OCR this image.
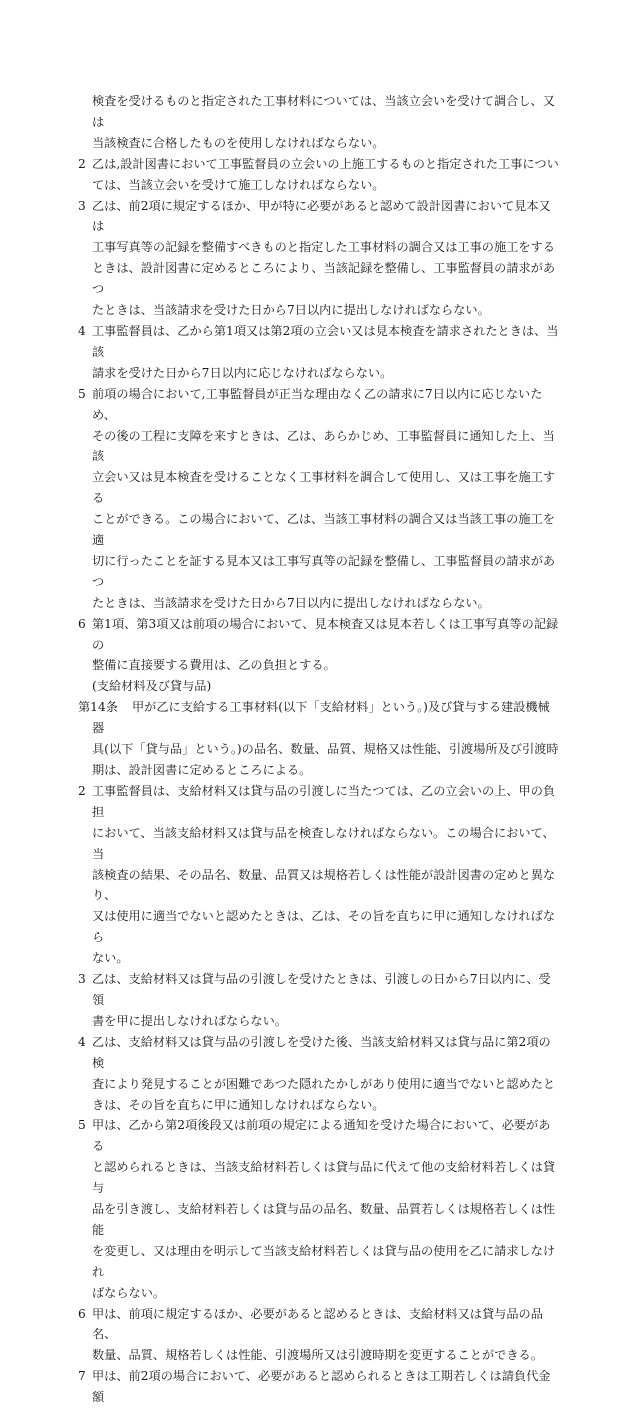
検査を受けるものと指定された工事材料については、当該立会いを受けて調合し、又は
当該検査に合格したものを使用しなければならない。
2 乙は,設計図書において工事監督員の立会いの上施工するものと指定された工事につい
ては、当該立会いを受けて施工しなければならない。
3 乙は、前2項に規定するほか、甲が特に必要があると認めて設計図書において見本又は
工事写真等の記録を整備すべきものと指定した工事材料の調合又は工事の施工をする
ときは、設計図書に定めるところにより、当該記録を整備し、工事監督員の請求があつ
たときは、当該請求を受けた日から7日以内に提出しなければならない。
4 工事監督員は、乙から第1項又は第2項の立会い又は見本検査を請求されたときは、当該
請求を受けた日から7日以内に応じなければならない。
5 前項の場合において,工事監督員が正当な理由なく乙の請求に7日以内に応じないため、
その後の工程に支障を来すときは、乙は、あらかじめ、工事監督員に通知した上、当該
立会い又は見本検査を受けることなく工事材料を調合して使用し、又は工事を施工する
ことができる。この場合において、乙は、当該工事材料の調合又は当該工事の施工を適
切に行ったことを証する見本又は工事写真等の記録を整備し、工事監督員の請求があつ
たときは、当該請求を受けた日から7日以内に提出しなければならない。
6 第1項、第3項又は前項の場合において、見本検査又は見本若しくは工事写真等の記録の
整備に直接要する費用は、乙の負担とする。
(支給材料及び貸与品)
第14条	甲が乙に支給する工事材料(以下「支給材料」という。)及び貸与する建設機械器
具(以下「貸与品」という。)の品名、数量、品質、規格又は性能、引渡場所及び引渡時
期は、設計図書に定めるところによる。
2 工事監督員は、支給材料又は貸与品の引渡しに当たつては、乙の立会いの上、甲の負担
において、当該支給材料又は貸与品を検査しなければならない。この場合において、当
該検査の結果、その品名、数量、品質又は規格若しくは性能が設計図書の定めと異なり、
又は使用に適当でないと認めたときは、乙は、その旨を直ちに甲に通知しなければなら
ない。
3 乙は、支給材料又は貸与品の引渡しを受けたときは、引渡しの日から7日以内に、受領
書を甲に提出しなければならない。
4 乙は、支給材料又は貸与品の引渡しを受けた後、当該支給材料又は貸与品に第2項の検
査により発見することが困難であつた隠れたかしがあり使用に適当でないと認めたと
きは、その旨を直ちに甲に通知しなければならない。
5 甲は、乙から第2項後段又は前項の規定による通知を受けた場合において、必要がある
と認められるときは、当該支給材料若しくは貸与品に代えて他の支給材料若しくは貸与
品を引き渡し、支給材料若しくは貸与品の品名、数量、品質若しくは規格若しくは性能
を変更し、又は理由を明示して当該支給材料若しくは貸与品の使用を乙に請求しなけれ
ばならない。
6 甲は、前項に規定するほか、必要があると認めるときは、支給材料又は貸与品の品名、
数量、品質、規格若しくは性能、引渡場所又は引渡時期を変更することができる。
7 甲は、前2項の場合において、必要があると認められるときは工期若しくは請負代金額
